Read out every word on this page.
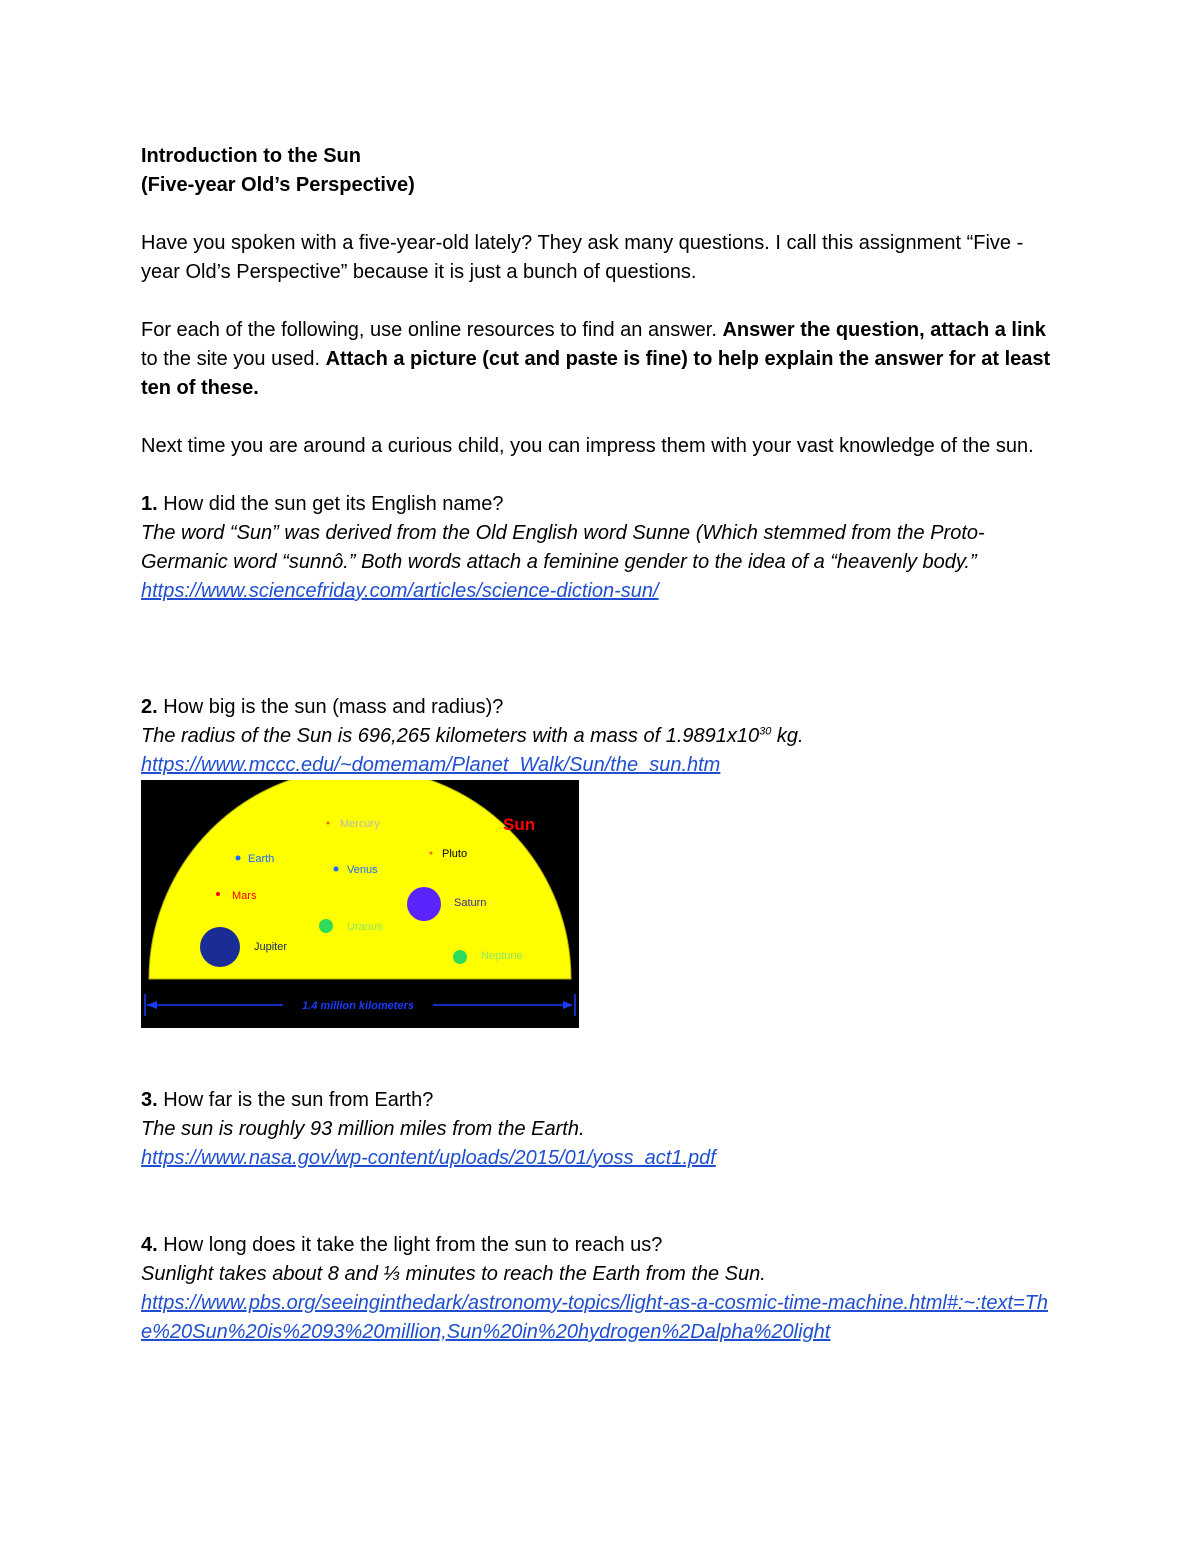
Introduction to the Sun

(Five-year Old’s Perspective)

Have you spoken with a five-year-old lately? They ask many questions. I call this assignment “Five -year Old’s Perspective” because it is just a bunch of questions.

For each of the following, use online resources to find an answer. Answer the question, attach a link to the site you used. Attach a picture (cut and paste is fine) to help explain the answer for at least ten of these.

Next time you are around a curious child, you can impress them with your vast knowledge of the sun.

1. How did the sun get its English name?

The word “Sun” was derived from the Old English word Sunne (Which stemmed from the Proto-Germanic word “sunnô.” Both words attach a feminine gender to the idea of a “heavenly body.”

https://www.sciencefriday.com/articles/science-diction-sun/

2. How big is the sun (mass and radius)?

The radius of the Sun is 696,265 kilometers with a mass of $1.9891x10^{30}$ kg.

https://www.mccc.edu/~domemam/Planet_Walk/Sun/the_sun.htm
Sun
Mercury
Earth
Venus
Pluto
Mars
Saturn
Uranus
Jupiter
Neptune
1.4 million kilometers

3. How far is the sun from Earth?

The sun is roughly 93 million miles from the Earth.

https://www.nasa.gov/wp-content/uploads/2015/01/yoss_act1.pdf

4. How long does it take the light from the sun to reach us?

Sunlight takes about 8 and ⅓ minutes to reach the Earth from the Sun.

https://www.pbs.org/seeinginthedark/astronomy-topics/light-as-a-cosmic-time-machine.html#:~:text=The%20Sun%20is%2093%20million,Sun%20in%20hydrogen%2Dalpha%20light
